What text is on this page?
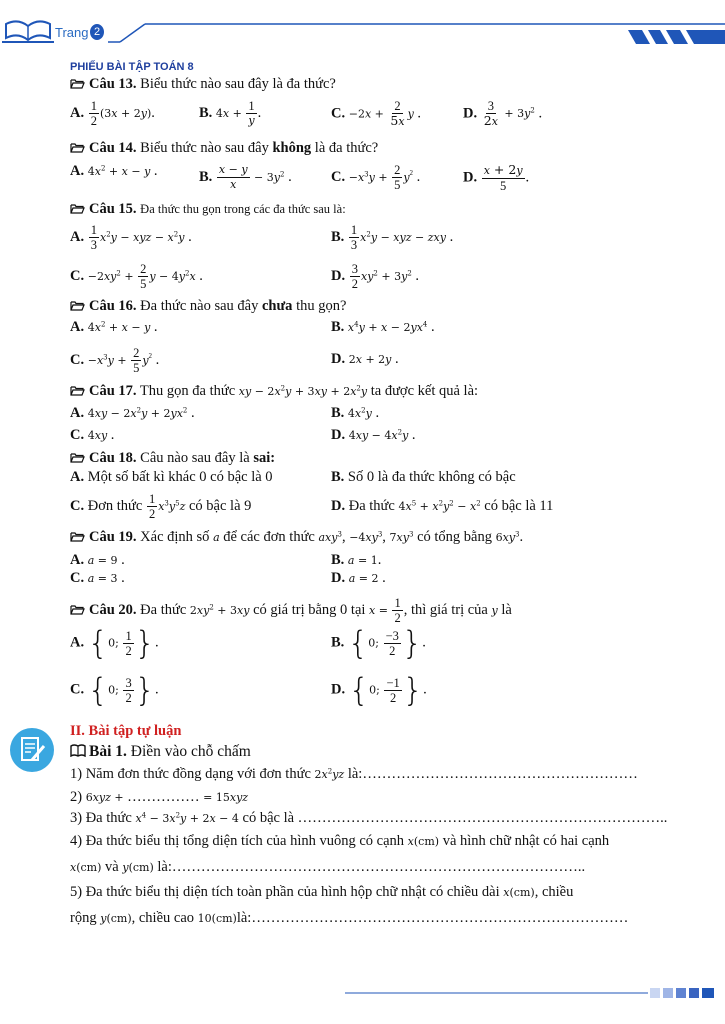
Trang 2
PHIẾU BÀI TẬP TOÁN 8
Câu 13. Biểu thức nào sau đây là đa thức?
A. $\frac{1}{2} (3x + 2y)$.	B. $4x + \frac{1}{y}$ .	C. $-2x + \frac{2}{5x}$ y .	D. $\frac{3}{2x} + 3y^2$ .
Câu 14. Biểu thức nào sau đây không là đa thức?
A. $4x^2 + x - y$ .	B. $\frac{x - y}{x} - 3y^2$ .	C. $-x^3y + \frac{2}{5} y^2$ .	D. $\frac{x + 2y}{5}$ .
Câu 15. Đa thức thu gọn trong các đa thức sau là:
A. $\frac{1}{3} x^2y$ − xyz − $x^2y$ .	B. $\frac{1}{3} x^2y$ − xyz − zxy .
C. $-2xy^2 + \frac{2}{5}$ $y - 4y^2x$ .	D. $\frac{3}{2} xy^2 + 3y^2$ .
Câu 16. Đa thức nào sau đây chưa thu gọn?
A. $4x^2 + x - y$ .	B. $x^4y + x - 2yx^4$ .
C. $-x^3y + \frac{2}{5} y^2$ .	D. 2x + 2y .
Câu 17. Thu gọn đa thức xy − $2x^2y + 3xy + 2x^2y$ ta được kết quả là:
A. $4xy - 2x^2y + 2yx^2$ .	B. $4x^2y$ .
C. 4xy .	D. $4xy - 4x^2y$ .
Câu 18. Câu nào sau đây là sai:
A. Một số bất kì khác 0 có bậc là 0	B. Số 0 là đa thức không có bậc
C. Đơn thức $\frac{1}{2} x^3y^5z$ có bậc là 9	D. Đa thức $4x^5 + x^2y^2 - x^2$ có bậc là 11
Câu 19. Xác định số a để các đơn thức axy$^3$, $-4xy^3$, $7xy^3$ có tổng bằng $6xy^3$.
A. a = 9 .	B. a = 1.
C. a = 3 .	D. a = 2 .
Câu 20. Đa thức $2xy^2 + 3xy$ có giá trị bằng 0 tại $x = \frac{1}{2}$ , thì giá trị của y là
A. {0; $\frac{1}{2}$ }.	B. {0; $\frac{-3}{2}$ }.
C. {0; $\frac{3}{2}$ }.	D. {0; $\frac{-1}{2}$ }.
II. Bài tập tự luận
Bài 1. Điền vào chỗ chấm
1) Năm đơn thức đồng dạng với đơn thức $2x^2yz$ là:…………………………………………………
2) 6xyz + …………… = 15xyz
3) Đa thức $x^4 - 3x^2y + 2x - 4$ có bậc là …………………………………………………………………..
4) Đa thức biểu thị tổng diện tích của hình vuông có cạnh x(cm) và hình chữ nhật có hai cạnh
x(cm) và y(cm) là:…………………………………………………………………………..
5) Đa thức biểu thị diện tích toàn phần của hình hộp chữ nhật có chiều dài x(cm), chiều
rộng y(cm), chiều cao 10(cm)là:……………………………………………………………………
